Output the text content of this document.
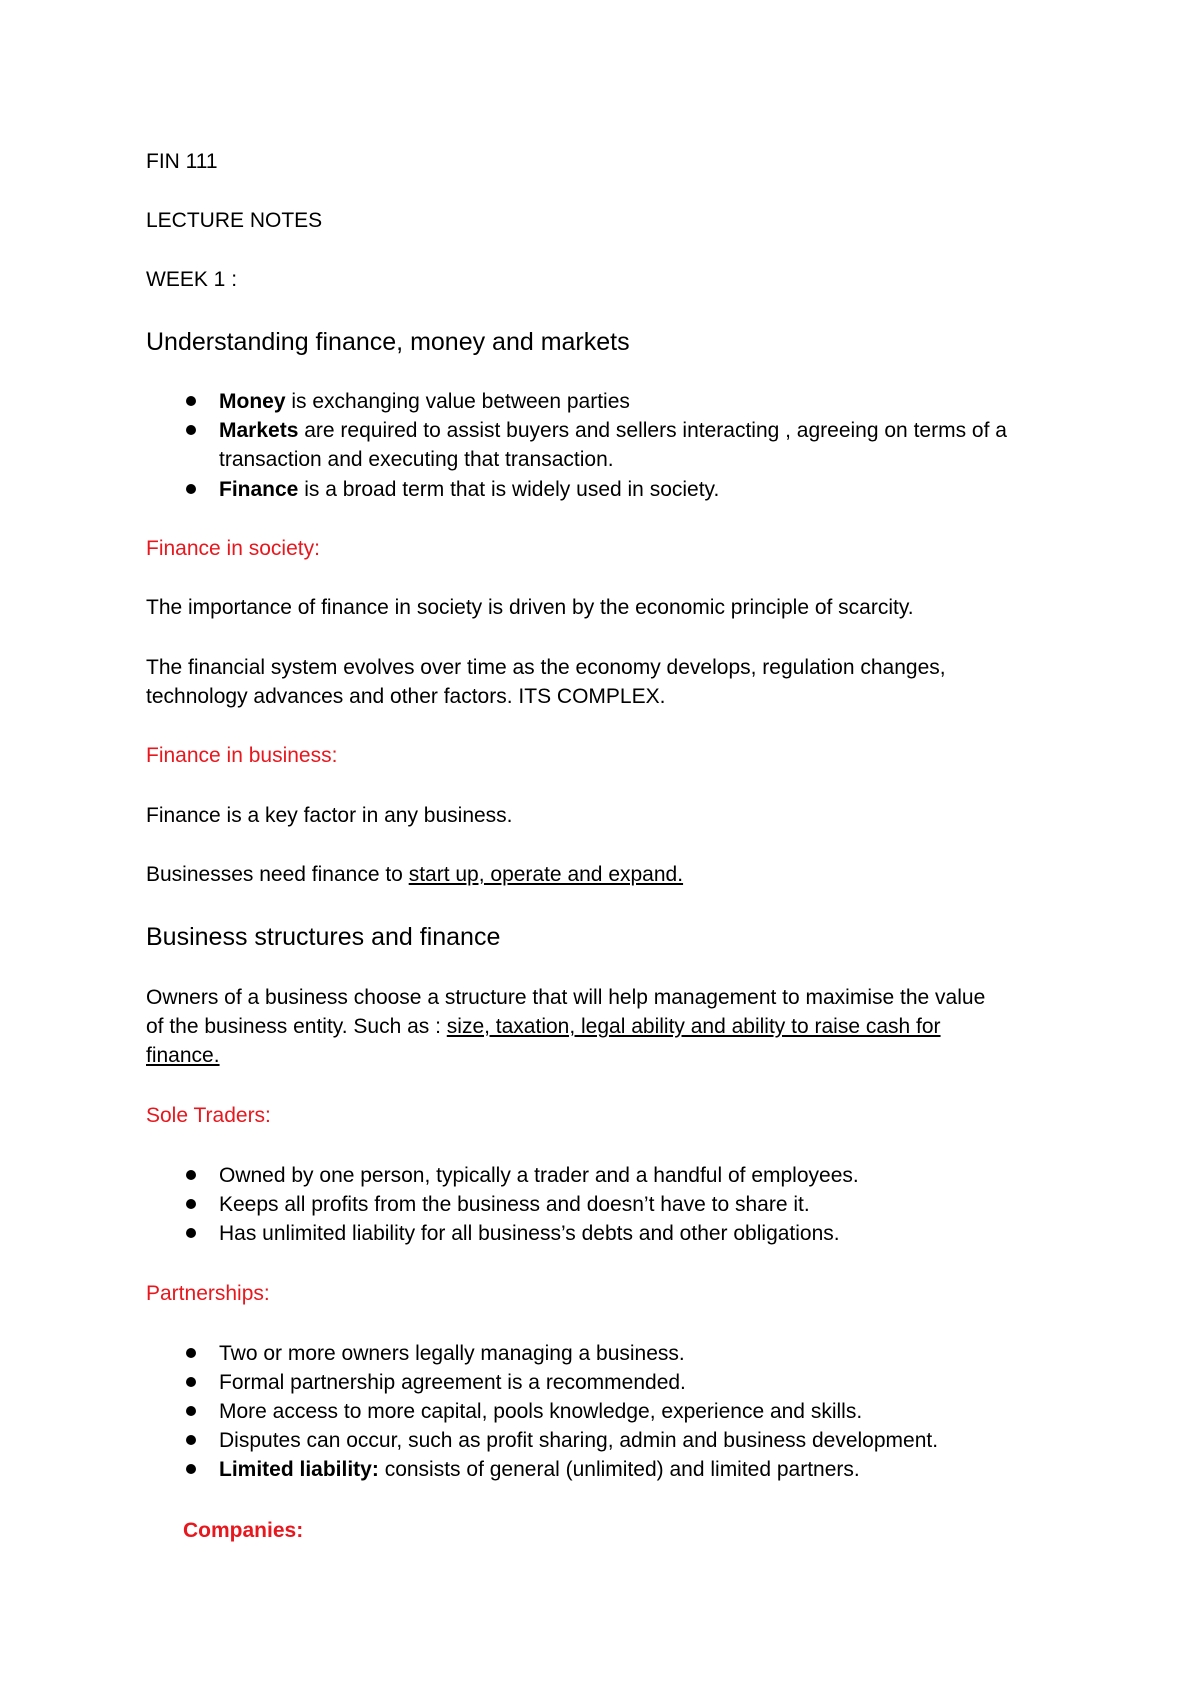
FIN 111
LECTURE NOTES
WEEK 1 :
Understanding finance, money and markets
Money is exchanging value between parties
Markets are required to assist buyers and sellers interacting , agreeing on terms of a
transaction and executing that transaction.
Finance is a broad term that is widely used in society.
Finance in society:
The importance of finance in society is driven by the economic principle of scarcity.
The financial system evolves over time as the economy develops, regulation changes,
technology advances and other factors. ITS COMPLEX.
Finance in business:
Finance is a key factor in any business.
Businesses need finance to start up, operate and expand.
Business structures and finance
Owners of a business choose a structure that will help management to maximise the value
of the business entity. Such as : size, taxation, legal ability and ability to raise cash for
finance.
Sole Traders:
Owned by one person, typically a trader and a handful of employees.
Keeps all profits from the business and doesn’t have to share it.
Has unlimited liability for all business’s debts and other obligations.
Partnerships:
Two or more owners legally managing a business.
Formal partnership agreement is a recommended.
More access to more capital, pools knowledge, experience and skills.
Disputes can occur, such as profit sharing, admin and business development.
Limited liability: consists of general (unlimited) and limited partners.
Companies:
